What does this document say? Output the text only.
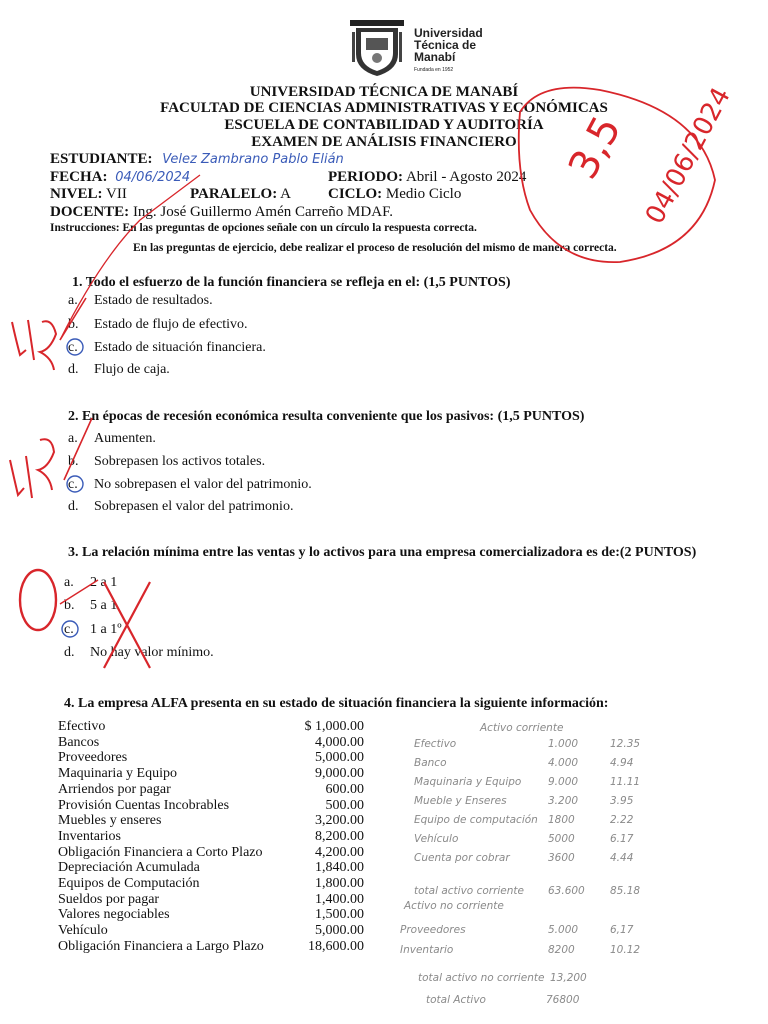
Universidad
Técnica de
Manabí
Fundada en 1952
UNIVERSIDAD TÉCNICA DE MANABÍ
FACULTAD DE CIENCIAS ADMINISTRATIVAS Y ECONÓMICAS
ESCUELA DE CONTABILIDAD Y AUDITORÍA
EXAMEN DE ANÁLISIS FINANCIERO
ESTUDIANTE: Velez Zambrano Pablo Elián
FECHA: 04/06/2024	PERIODO: Abril - Agosto 2024
NIVEL: VII	PARALELO: A CICLO: Medio Ciclo
DOCENTE: Ing. José Guillermo Amén Carreño MDAF.
Instrucciones: En las preguntas de opciones señale con un círculo la respuesta correcta.
En las preguntas de ejercicio, debe realizar el proceso de resolución del mismo de manera correcta.
1. Todo el esfuerzo de la función financiera se refleja en el: (1,5 PUNTOS)
a. Estado de resultados.
b. Estado de flujo de efectivo.
c. Estado de situación financiera.
d. Flujo de caja.
2. En épocas de recesión económica resulta conveniente que los pasivos: (1,5 PUNTOS)
a. Aumenten.
b. Sobrepasen los activos totales.
c. No sobrepasen el valor del patrimonio.
d. Sobrepasen el valor del patrimonio.
3. La relación mínima entre las ventas y lo activos para una empresa comercializadora es de:(2 PUNTOS)
a. 2 a 1
b. 5 a 1
c. 1 a 1º
d. No hay valor mínimo.
4. La empresa ALFA presenta en su estado de situación financiera la siguiente información:
Efectivo	$ 1,000.00
Bancos	4,000.00
Proveedores	5,000.00
Maquinaria y Equipo	9,000.00
Arriendos por pagar	600.00
Provisión Cuentas Incobrables	500.00
Muebles y enseres	3,200.00
Inventarios	8,200.00
Obligación Financiera a Corto Plazo	4,200.00
Depreciación Acumulada	1,840.00
Equipos de Computación	1,800.00
Sueldos por pagar	1,400.00
Valores negociables	1,500.00
Vehículo	5,000.00
Obligación Financiera a Largo Plazo	18,600.00
Activo corriente
Efectivo	1.000	12.35
Banco	4.000	4.94
Maquinaria y Equipo	9.000	11.11
Mueble y Enseres	3.200	3.95
Equipo de computación 1800	2.22
Vehículo	5000	6.17
Cuenta por cobrar	3600	4.44
total activo corriente 63.600 85.18
Activo no corriente
Proveedores	5.000	6,17
Inventario	8200	10.12
total activo no corriente 13,200
total Activo	76800
3,5 04/06/2024
